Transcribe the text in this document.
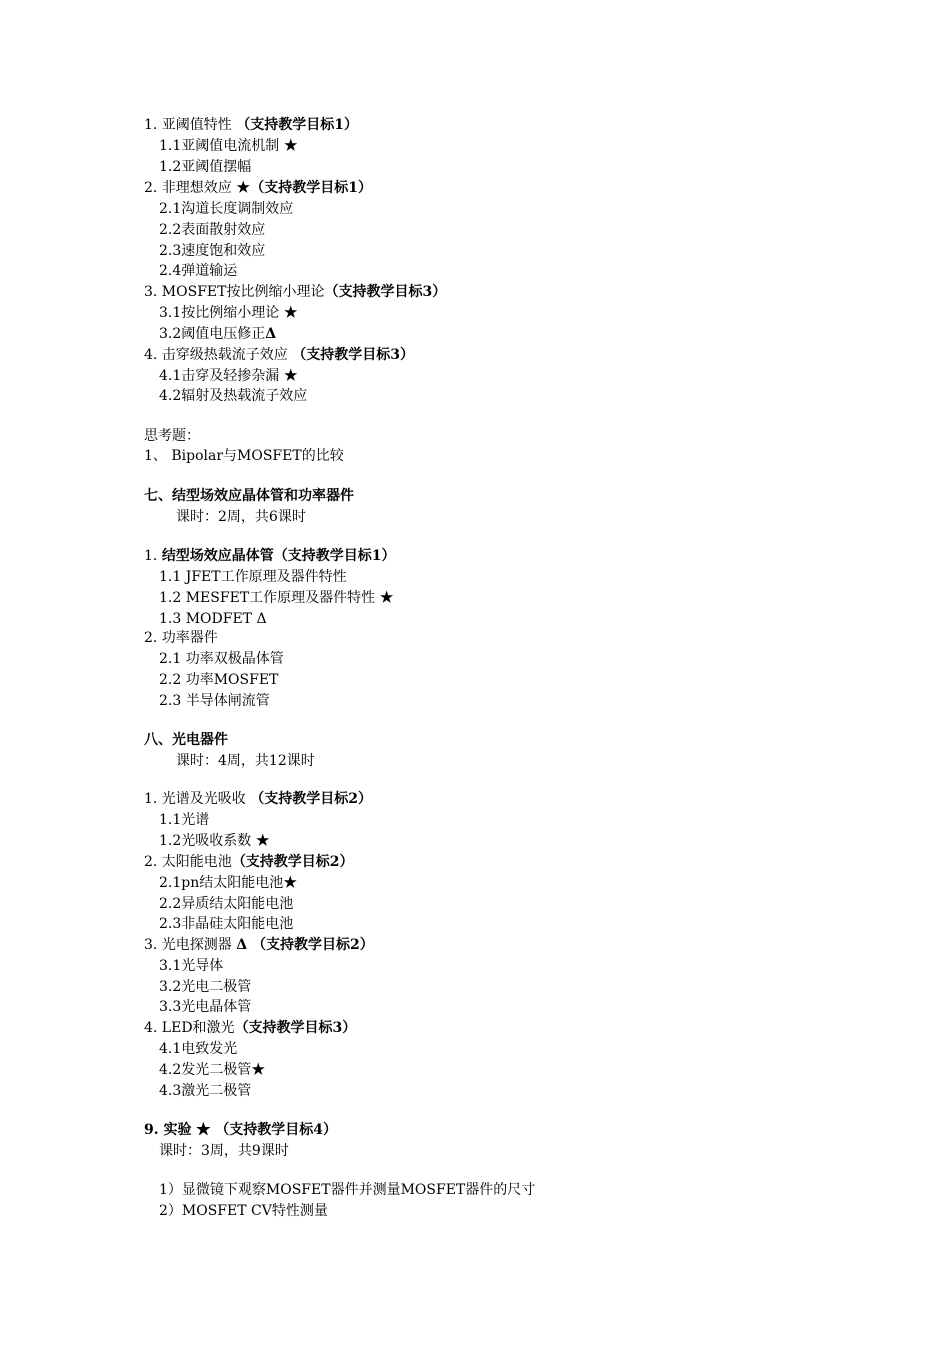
1. 亚阈值特性 （支持教学目标1）
1.1亚阈值电流机制 ★
1.2亚阈值摆幅
2. 非理想效应 ★（支持教学目标1）
2.1沟道长度调制效应
2.2表面散射效应
2.3速度饱和效应
2.4弹道输运
3. MOSFET按比例缩小理论（支持教学目标3）
3.1按比例缩小理论 ★
3.2阈值电压修正Δ
4. 击穿级热载流子效应 （支持教学目标3）
4.1击穿及轻掺杂漏 ★
4.2辐射及热载流子效应
思考题：
1、 Bipolar与MOSFET的比较
七、结型场效应晶体管和功率器件
课时：2周，共6课时
1. 结型场效应晶体管（支持教学目标1）
1.1 JFET工作原理及器件特性
1.2 MESFET工作原理及器件特性 ★
1.3 MODFET Δ
2. 功率器件
2.1 功率双极晶体管
2.2 功率MOSFET
2.3 半导体闸流管
八、光电器件
课时：4周，共12课时
1. 光谱及光吸收 （支持教学目标2）
1.1光谱
1.2光吸收系数 ★
2. 太阳能电池（支持教学目标2）
2.1pn结太阳能电池★
2.2异质结太阳能电池
2.3非晶硅太阳能电池
3. 光电探测器 Δ （支持教学目标2）
3.1光导体
3.2光电二极管
3.3光电晶体管
4. LED和激光（支持教学目标3）
4.1电致发光
4.2发光二极管★
4.3激光二极管
9. 实验 ★ （支持教学目标4）
课时：3周，共9课时
1）显微镜下观察MOSFET器件并测量MOSFET器件的尺寸
2）MOSFET CV特性测量
